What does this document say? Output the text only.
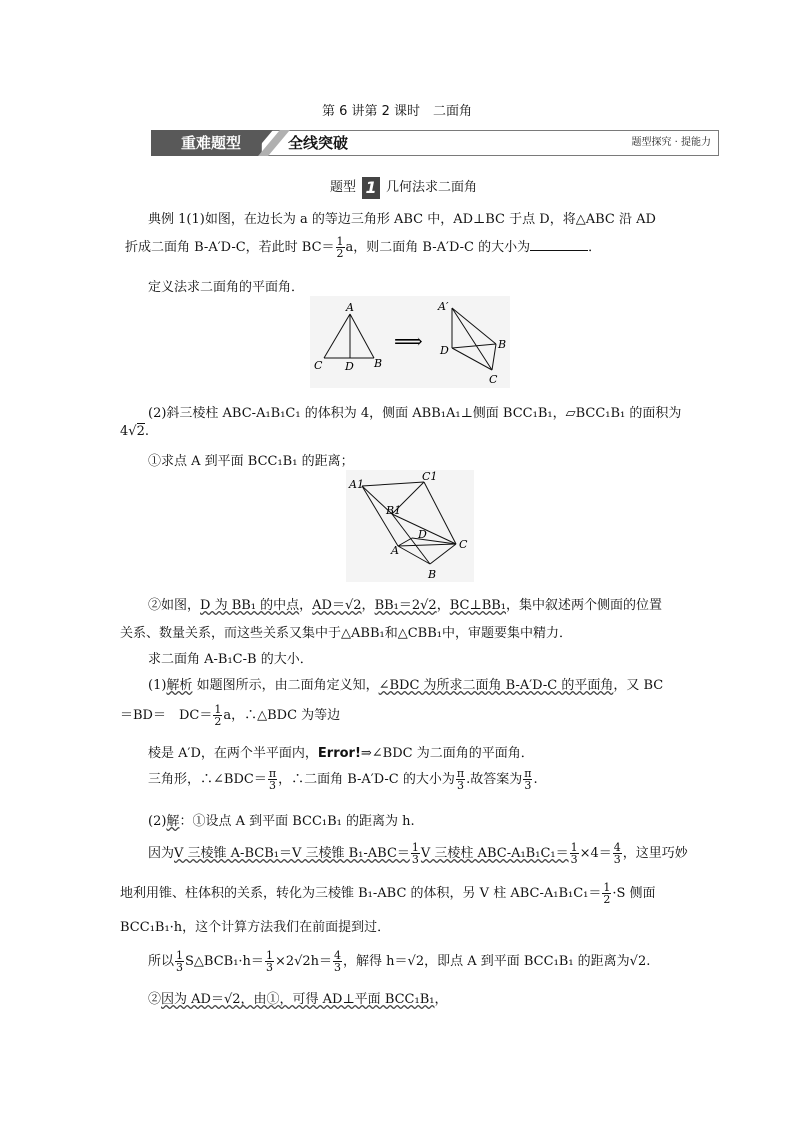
第 6 讲第 2 课时　二面角
重难题型	全线突破	题型探究 · 提能力
题型 1 几何法求二面角
典例 1(1)如图，在边长为 a 的等边三角形 ABC 中，AD⊥BC 于点 D，将△ABC 沿 AD
折成二面角 B-A′D-C，若此时 $BC= \frac{1}{2}$ a，则二面角 B-A′D-C 的大小为	．
定义法求二面角的平面角．
A
C D B
⟹
A′
D	B
C
(2)斜三棱柱 ABC-A₁B₁C₁ 的体积为 4，侧面 ABB₁A₁⊥侧面 BCC₁B₁，▱BCC₁B₁ 的面积为
4√2.
①求点 A 到平面 BCC₁B₁ 的距离；
A1
C1
B1
D
A	C
B
②如图，D 为 BB₁ 的中点，AD＝√2，BB₁＝2√2，BC⊥BB₁，集中叙述两个侧面的位置
关系、数量关系，而这些关系又集中于△ABB₁和△CBB₁中，审题要集中精力．
求二面角 A-B₁C-B 的大小．
(1)解析 如题图所示，由二面角定义知，∠BDC 为所求二面角 B-A′D-C 的平面角，又 BC
＝BD＝　$DC= \frac{1}{2}$ a，∴△BDC 为等边
棱是 A′D，在两个半平面内，Error!⇒∠BDC 为二面角的平面角．
三角形，∴∠BDC＝ $\frac{\pi}{3}$ ，∴二面角 B-A′D-C 的大小为 $\frac{\pi}{3}$ .故答案为 $\frac{\pi}{3}$ .
(2)解：①设点 A 到平面 BCC₁B₁ 的距离为 h.
因为V 三棱锥 A-BCB₁＝V 三棱锥 $B_1-ABC= \frac{1}{3}$ V 三棱柱 $ABC-A_1B_1C_1= \frac{1}{3} \times 4= \frac{4}{3}$ ，这里巧妙
地利用锥、柱体积的关系，转化为三棱锥 B₁-ABC 的体积，另 V 柱 $ABC-A_1B_1C_1= \frac{1}{2} \cdot S$ 侧面
BCC₁B₁·h，这个计算方法我们在前面提到过．
所以 $\frac{1}{3}$ S△BCB₁·h＝ $\frac{1}{3} \times 2√2h= \frac{4}{3}$ ，解得 h＝√2，即点 A 到平面 BCC₁B₁ 的距离为√2.
②因为 AD＝√2，由①，可得 AD⊥平面 BCC₁B₁，
